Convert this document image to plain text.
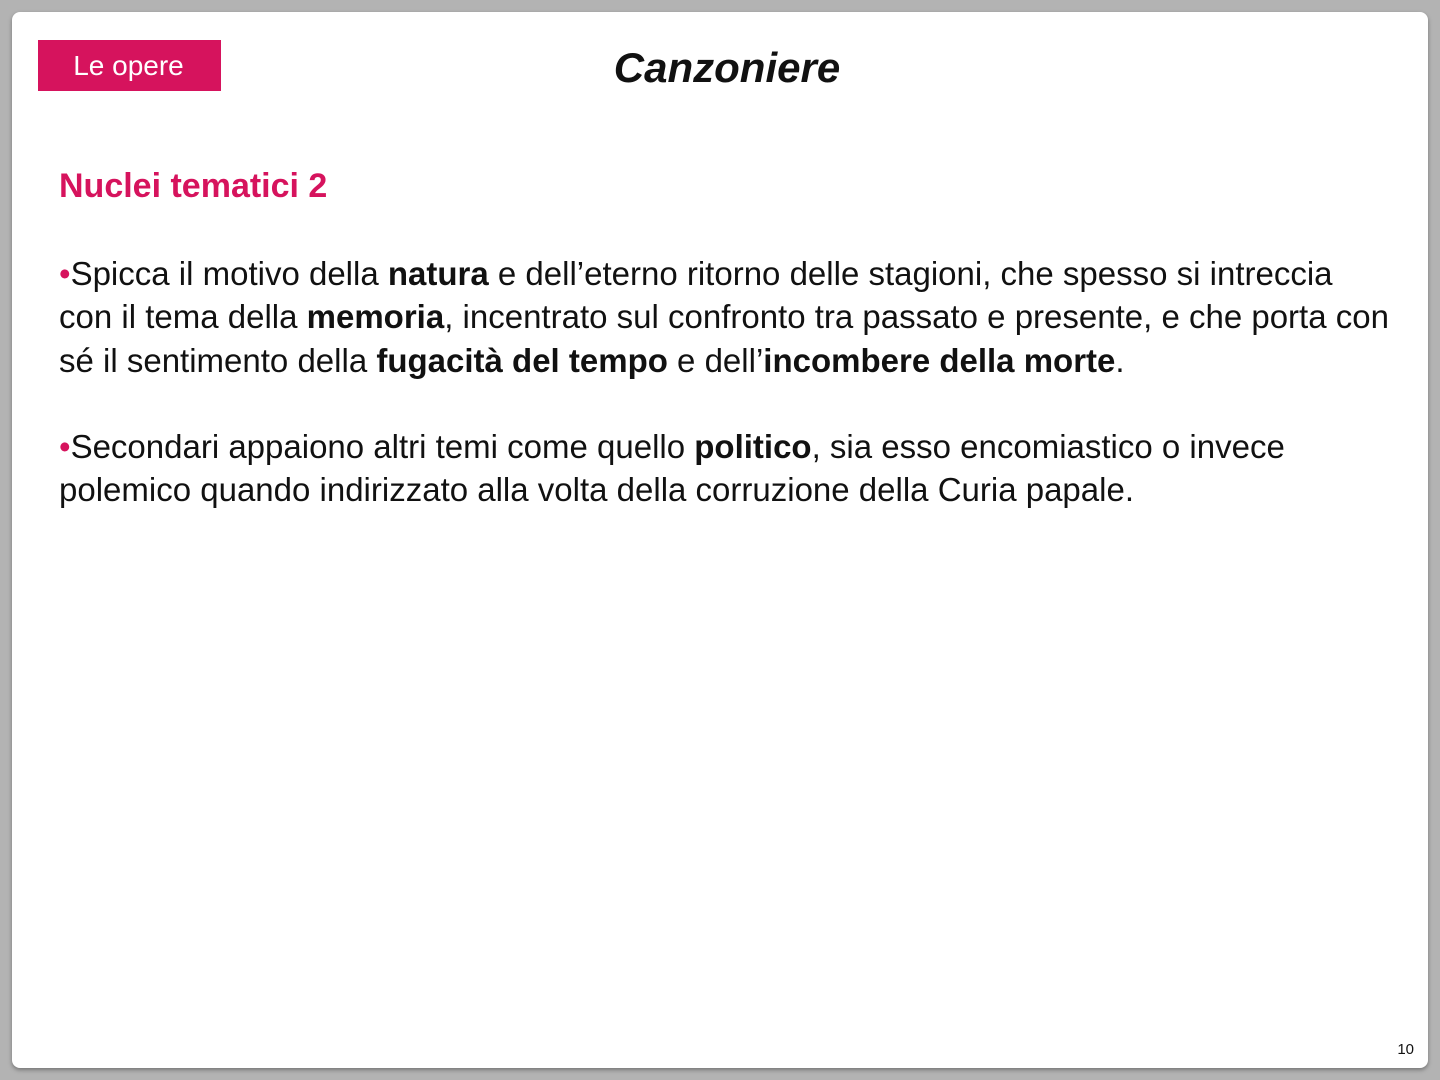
Le opere	Canzoniere
Nuclei tematici 2

•Spicca il motivo della natura e dell’eterno ritorno delle stagioni, che spesso si intreccia con il tema della memoria, incentrato sul confronto tra passato e presente, e che porta con sé il sentimento della fugacità del tempo e dell’incombere della morte.

•Secondari appaiono altri temi come quello politico, sia esso encomiastico o invece polemico quando indirizzato alla volta della corruzione della Curia papale.

10
